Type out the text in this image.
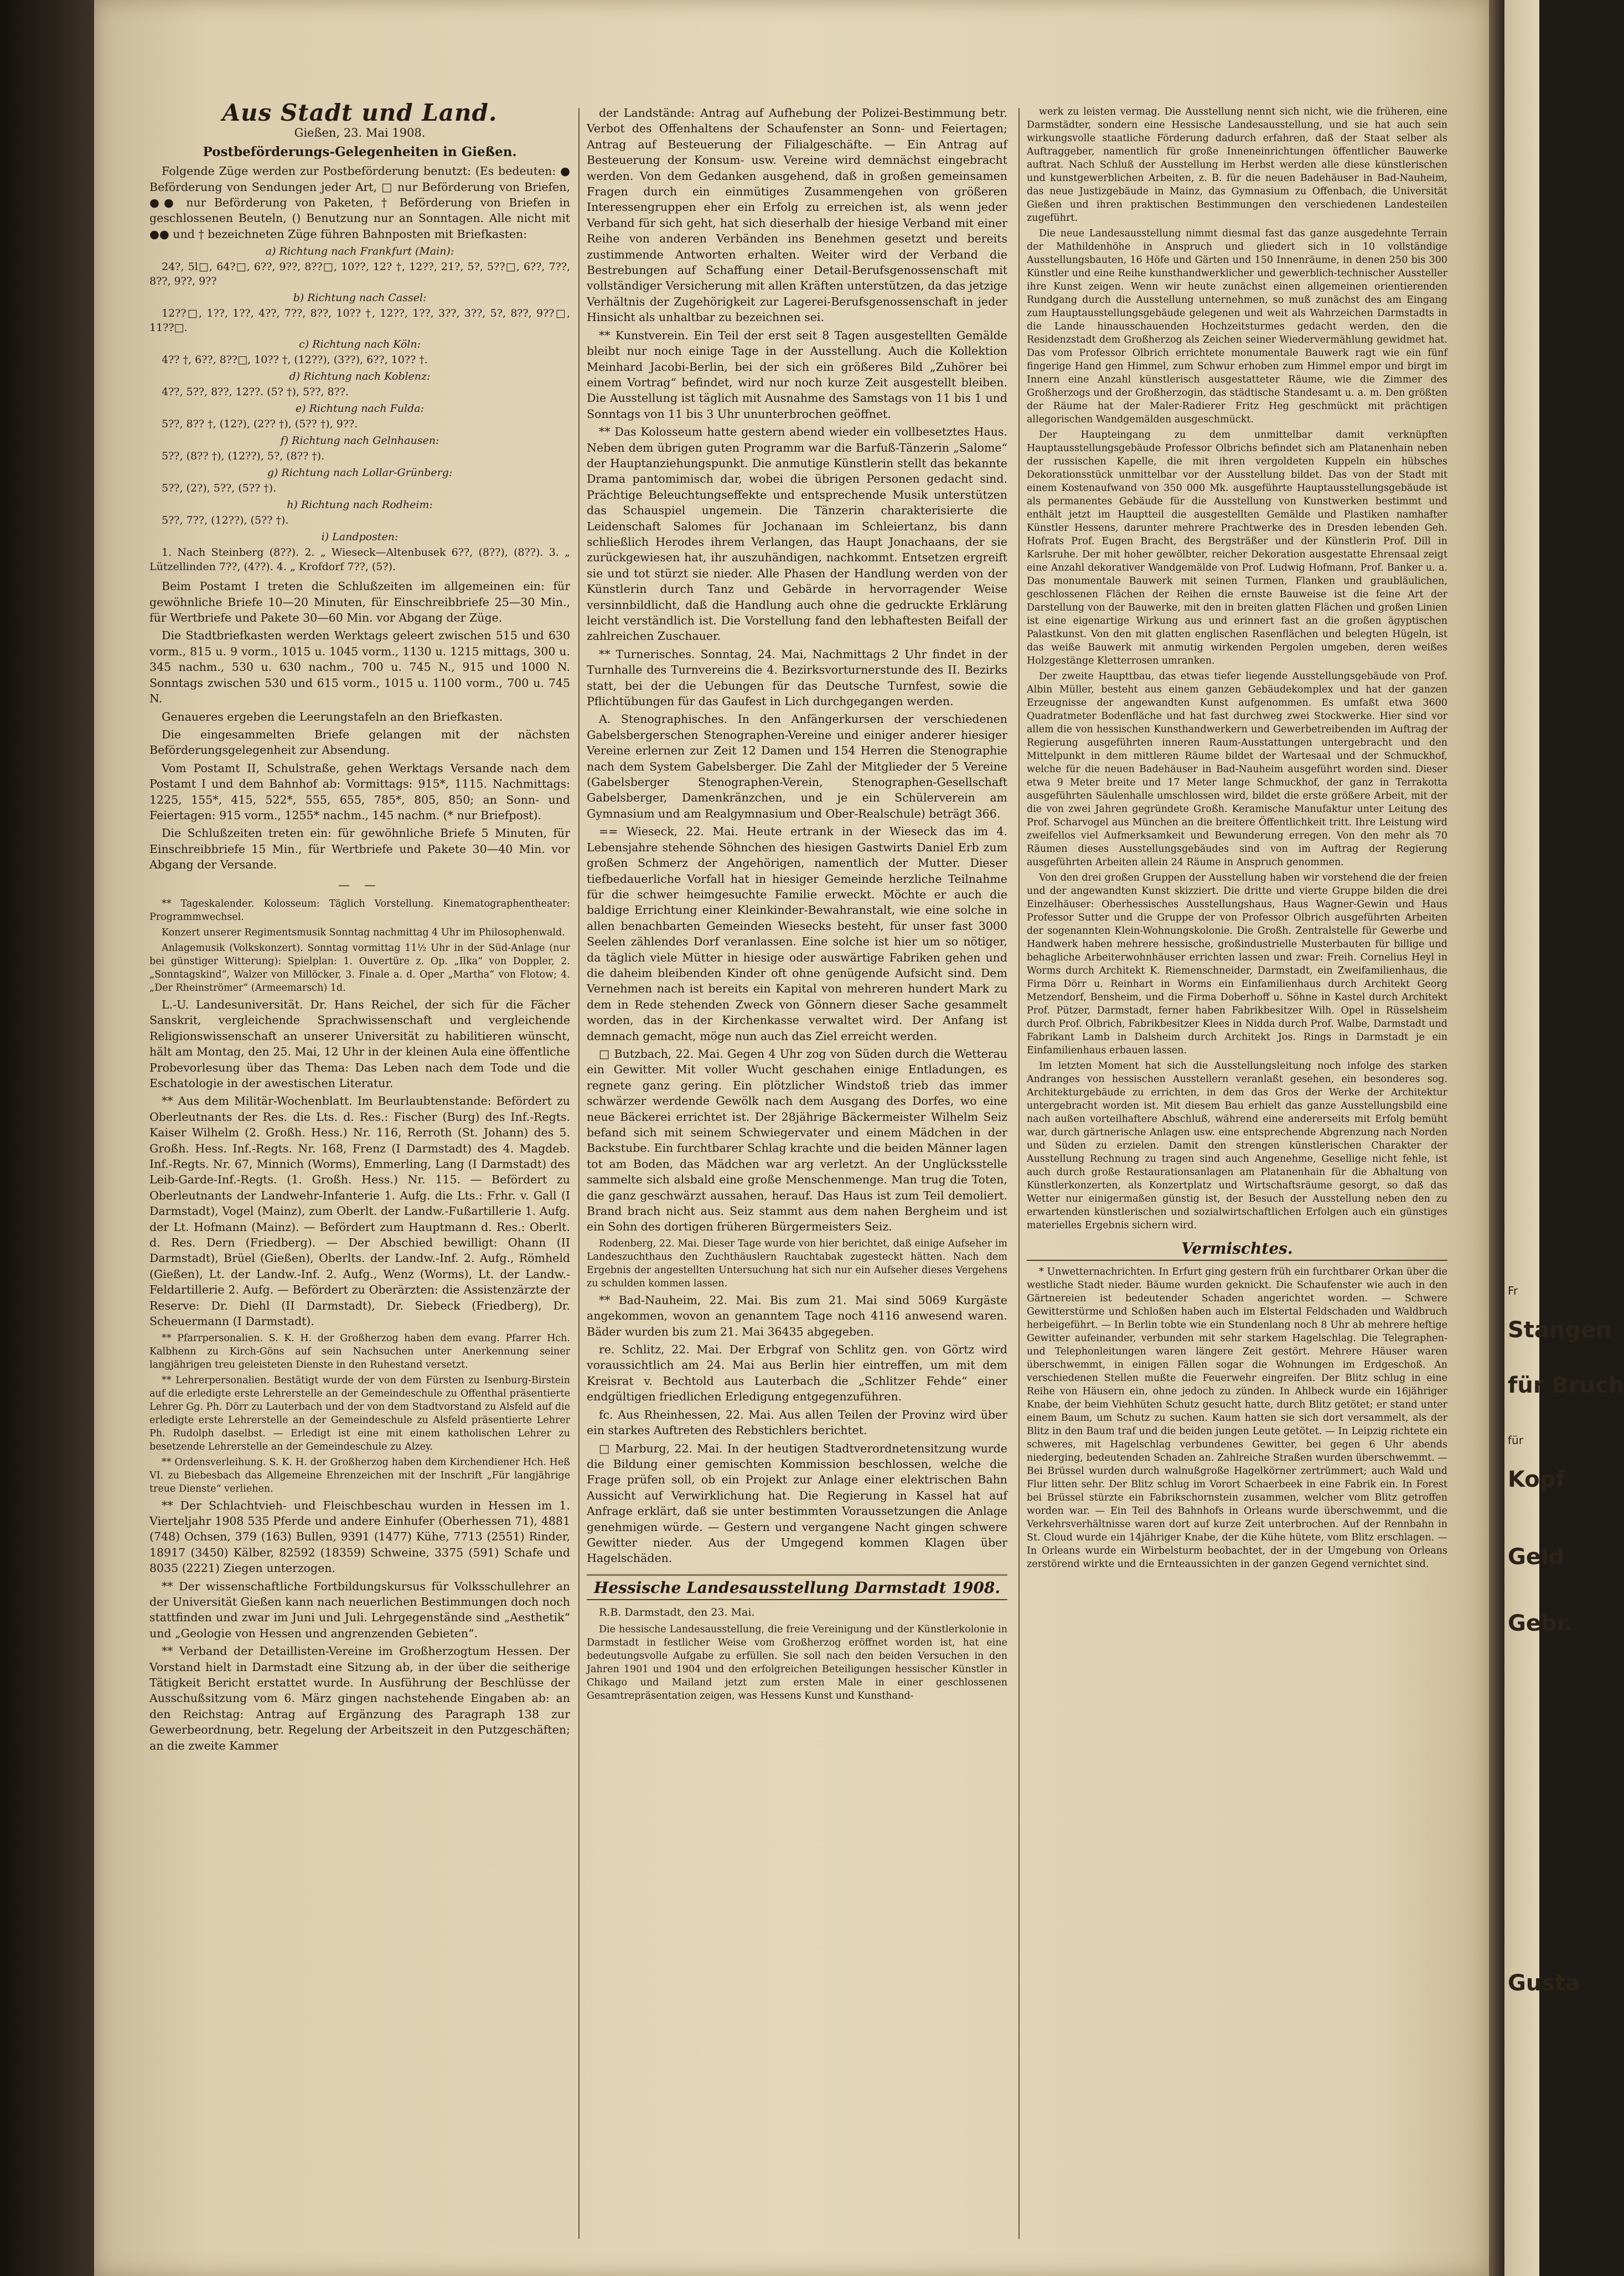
Aus Stadt und Land.
Gießen, 23. Mai 1908.
Postbeförderungs-Gelegenheiten in Gießen.

Folgende Züge werden zur Postbeförderung benutzt: (Es bedeuten: ● Beförderung von Sendungen jeder Art, □ nur Beförderung von Briefen, ●● nur Beförderung von Paketen, † Beförderung von Briefen in geschlossenen Beuteln, () Benutzung nur an Sonntagen. Alle nicht mit ●● und † bezeichneten Züge führen Bahnposten mit Briefkasten:

a) Richtung nach Frankfurt (Main):

24?, 5l□, 64?□, 6??, 9??, 8??□, 10??, 12? †, 12??, 21?, 5?, 5??□, 6??, 7??, 8??, 9??, 9??

b) Richtung nach Cassel:

12??□, 1??, 1??, 4??, 7??, 8??, 10?? †, 12??, 1??, 3??, 3??, 5?, 8??, 9??□, 11??□.

c) Richtung nach Köln:

4?? †, 6??, 8??□, 10?? †, (12??), (3??), 6??, 10?? †.

d) Richtung nach Koblenz:

4??, 5??, 8??, 12??. (5? †), 5??, 8??.

e) Richtung nach Fulda:

5??, 8?? †, (12?), (2?? †), (5?? †), 9??.

f) Richtung nach Gelnhausen:

5??, (8?? †), (12??), 5?, (8?? †).

g) Richtung nach Lollar-Grünberg:

5??, (2?), 5??, (5?? †).

h) Richtung nach Rodheim:

5??, 7??, (12??), (5?? †).

i) Landposten:

1. Nach Steinberg (8??). 2. „ Wieseck—Altenbusek 6??, (8??), (8??). 3. „ Lützellinden 7??, (4??). 4. „ Krofdorf 7??, (5?).

Beim Postamt I treten die Schlußzeiten im allgemeinen ein: für gewöhnliche Briefe 10—20 Minuten, für Einschreibbriefe 25—30 Min., für Wertbriefe und Pakete 30—60 Min. vor Abgang der Züge.

Die Stadtbriefkasten werden Werktags geleert zwischen 515 und 630 vorm., 815 u. 9 vorm., 1015 u. 1045 vorm., 1130 u. 1215 mittags, 300 u. 345 nachm., 530 u. 630 nachm., 700 u. 745 N., 915 und 1000 N. Sonntags zwischen 530 und 615 vorm., 1015 u. 1100 vorm., 700 u. 745 N.

Genaueres ergeben die Leerungstafeln an den Briefkasten.

Die eingesammelten Briefe gelangen mit der nächsten Beförderungsgelegenheit zur Absendung.

Vom Postamt II, Schulstraße, gehen Werktags Versande nach dem Postamt I und dem Bahnhof ab: Vormittags: 915*, 1115. Nachmittags: 1225, 155*, 415, 522*, 555, 655, 785*, 805, 850; an Sonn- und Feiertagen: 915 vorm., 1255* nachm., 145 nachm. (* nur Briefpost).

Die Schlußzeiten treten ein: für gewöhnliche Briefe 5 Minuten, für Einschreibbriefe 15 Min., für Wertbriefe und Pakete 30—40 Min. vor Abgang der Versande.

— —

** Tageskalender. Kolosseum: Täglich Vorstellung. Kinematographentheater: Programmwechsel.

Konzert unserer Regimentsmusik Sonntag nachmittag 4 Uhr im Philosophenwald.

Anlagemusik (Volkskonzert). Sonntag vormittag 11½ Uhr in der Süd-Anlage (nur bei günstiger Witterung): Spielplan: 1. Ouvertüre z. Op. „Ilka“ von Doppler, 2. „Sonntagskind“, Walzer von Millöcker, 3. Finale a. d. Oper „Martha“ von Flotow; 4. „Der Rheinströmer“ (Armeemarsch) 1d.

L.-U. Landesuniversität. Dr. Hans Reichel, der sich für die Fächer Sanskrit, vergleichende Sprachwissenschaft und vergleichende Religionswissenschaft an unserer Universität zu habilitieren wünscht, hält am Montag, den 25. Mai, 12 Uhr in der kleinen Aula eine öffentliche Probevorlesung über das Thema: Das Leben nach dem Tode und die Eschatologie in der awestischen Literatur.

** Aus dem Militär-Wochenblatt. Im Beurlaubtenstande: Befördert zu Oberleutnants der Res. die Lts. d. Res.: Fischer (Burg) des Inf.-Regts. Kaiser Wilhelm (2. Großh. Hess.) Nr. 116, Rerroth (St. Johann) des 5. Großh. Hess. Inf.-Regts. Nr. 168, Frenz (I Darmstadt) des 4. Magdeb. Inf.-Regts. Nr. 67, Minnich (Worms), Emmerling, Lang (I Darmstadt) des Leib-Garde-Inf.-Regts. (1. Großh. Hess.) Nr. 115. — Befördert zu Oberleutnants der Landwehr-Infanterie 1. Aufg. die Lts.: Frhr. v. Gall (I Darmstadt), Vogel (Mainz), zum Oberlt. der Landw.-Fußartillerie 1. Aufg. der Lt. Hofmann (Mainz). — Befördert zum Hauptmann d. Res.: Oberlt. d. Res. Dern (Friedberg). — Der Abschied bewilligt: Ohann (II Darmstadt), Brüel (Gießen), Oberlts. der Landw.-Inf. 2. Aufg., Römheld (Gießen), Lt. der Landw.-Inf. 2. Aufg., Wenz (Worms), Lt. der Landw.-Feldartillerie 2. Aufg. — Befördert zu Oberärzten: die Assistenzärzte der Reserve: Dr. Diehl (II Darmstadt), Dr. Siebeck (Friedberg), Dr. Scheuermann (I Darmstadt).

** Pfarrpersonalien. S. K. H. der Großherzog haben dem evang. Pfarrer Hch. Kalbhenn zu Kirch-Göns auf sein Nachsuchen unter Anerkennung seiner langjährigen treu geleisteten Dienste in den Ruhestand versetzt.

** Lehrerpersonalien. Bestätigt wurde der von dem Fürsten zu Isenburg-Birstein auf die erledigte erste Lehrerstelle an der Gemeindeschule zu Offenthal präsentierte Lehrer Gg. Ph. Dörr zu Lauterbach und der von dem Stadtvorstand zu Alsfeld auf die erledigte erste Lehrerstelle an der Gemeindeschule zu Alsfeld präsentierte Lehrer Ph. Rudolph daselbst. — Erledigt ist eine mit einem katholischen Lehrer zu besetzende Lehrerstelle an der Gemeindeschule zu Alzey.

** Ordensverleihung. S. K. H. der Großherzog haben dem Kirchendiener Hch. Heß VI. zu Biebesbach das Allgemeine Ehrenzeichen mit der Inschrift „Für langjährige treue Dienste“ verliehen.

** Der Schlachtvieh- und Fleischbeschau wurden in Hessen im 1. Vierteljahr 1908 535 Pferde und andere Einhufer (Oberhessen 71), 4881 (748) Ochsen, 379 (163) Bullen, 9391 (1477) Kühe, 7713 (2551) Rinder, 18917 (3450) Kälber, 82592 (18359) Schweine, 3375 (591) Schafe und 8035 (2221) Ziegen unterzogen.

** Der wissenschaftliche Fortbildungskursus für Volksschullehrer an der Universität Gießen kann nach neuerlichen Bestimmungen doch noch stattfinden und zwar im Juni und Juli. Lehrgegenstände sind „Aesthetik“ und „Geologie von Hessen und angrenzenden Gebieten“.

** Verband der Detaillisten-Vereine im Großherzogtum Hessen. Der Vorstand hielt in Darmstadt eine Sitzung ab, in der über die seitherige Tätigkeit Bericht erstattet wurde. In Ausführung der Beschlüsse der Ausschußsitzung vom 6. März gingen nachstehende Eingaben ab: an den Reichstag: Antrag auf Ergänzung des Paragraph 138 zur Gewerbeordnung, betr. Regelung der Arbeitszeit in den Putzgeschäften; an die zweite Kammer

der Landstände: Antrag auf Aufhebung der Polizei-Bestimmung betr. Verbot des Offenhaltens der Schaufenster an Sonn- und Feiertagen; Antrag auf Besteuerung der Filialgeschäfte. — Ein Antrag auf Besteuerung der Konsum- usw. Vereine wird demnächst eingebracht werden. Von dem Gedanken ausgehend, daß in großen gemeinsamen Fragen durch ein einmütiges Zusammengehen von größeren Interessengruppen eher ein Erfolg zu erreichen ist, als wenn jeder Verband für sich geht, hat sich dieserhalb der hiesige Verband mit einer Reihe von anderen Verbänden ins Benehmen gesetzt und bereits zustimmende Antworten erhalten. Weiter wird der Verband die Bestrebungen auf Schaffung einer Detail-Berufsgenossenschaft mit vollständiger Versicherung mit allen Kräften unterstützen, da das jetzige Verhältnis der Zugehörigkeit zur Lagerei-Berufsgenossenschaft in jeder Hinsicht als unhaltbar zu bezeichnen sei.

** Kunstverein. Ein Teil der erst seit 8 Tagen ausgestellten Gemälde bleibt nur noch einige Tage in der Ausstellung. Auch die Kollektion Meinhard Jacobi-Berlin, bei der sich ein größeres Bild „Zuhörer bei einem Vortrag“ befindet, wird nur noch kurze Zeit ausgestellt bleiben. Die Ausstellung ist täglich mit Ausnahme des Samstags von 11 bis 1 und Sonntags von 11 bis 3 Uhr ununterbrochen geöffnet.

** Das Kolosseum hatte gestern abend wieder ein vollbesetztes Haus. Neben dem übrigen guten Programm war die Barfuß-Tänzerin „Salome“ der Hauptanziehungspunkt. Die anmutige Künstlerin stellt das bekannte Drama pantomimisch dar, wobei die übrigen Personen gedacht sind. Prächtige Beleuchtungseffekte und entsprechende Musik unterstützen das Schauspiel ungemein. Die Tänzerin charakterisierte die Leidenschaft Salomes für Jochanaan im Schleiertanz, bis dann schließlich Herodes ihrem Verlangen, das Haupt Jonachaans, der sie zurückgewiesen hat, ihr auszuhändigen, nachkommt. Entsetzen ergreift sie und tot stürzt sie nieder. Alle Phasen der Handlung werden von der Künstlerin durch Tanz und Gebärde in hervorragender Weise versinnbildlicht, daß die Handlung auch ohne die gedruckte Erklärung leicht verständlich ist. Die Vorstellung fand den lebhaftesten Beifall der zahlreichen Zuschauer.

** Turnerisches. Sonntag, 24. Mai, Nachmittags 2 Uhr findet in der Turnhalle des Turnvereins die 4. Bezirksvorturnerstunde des II. Bezirks statt, bei der die Uebungen für das Deutsche Turnfest, sowie die Pflichtübungen für das Gaufest in Lich durchgegangen werden.

A. Stenographisches. In den Anfängerkursen der verschiedenen Gabelsbergerschen Stenographen-Vereine und einiger anderer hiesiger Vereine erlernen zur Zeit 12 Damen und 154 Herren die Stenographie nach dem System Gabelsberger. Die Zahl der Mitglieder der 5 Vereine (Gabelsberger Stenographen-Verein, Stenographen-Gesellschaft Gabelsberger, Damenkränzchen, und je ein Schülerverein am Gymnasium und am Realgymnasium und Ober-Realschule) beträgt 366.

== Wieseck, 22. Mai. Heute ertrank in der Wieseck das im 4. Lebensjahre stehende Söhnchen des hiesigen Gastwirts Daniel Erb zum großen Schmerz der Angehörigen, namentlich der Mutter. Dieser tiefbedauerliche Vorfall hat in hiesiger Gemeinde herzliche Teilnahme für die schwer heimgesuchte Familie erweckt. Möchte er auch die baldige Errichtung einer Kleinkinder-Bewahranstalt, wie eine solche in allen benachbarten Gemeinden Wiesecks besteht, für unser fast 3000 Seelen zählendes Dorf veranlassen. Eine solche ist hier um so nötiger, da täglich viele Mütter in hiesige oder auswärtige Fabriken gehen und die daheim bleibenden Kinder oft ohne genügende Aufsicht sind. Dem Vernehmen nach ist bereits ein Kapital von mehreren hundert Mark zu dem in Rede stehenden Zweck von Gönnern dieser Sache gesammelt worden, das in der Kirchenkasse verwaltet wird. Der Anfang ist demnach gemacht, möge nun auch das Ziel erreicht werden.

□ Butzbach, 22. Mai. Gegen 4 Uhr zog von Süden durch die Wetterau ein Gewitter. Mit voller Wucht geschahen einige Entladungen, es regnete ganz gering. Ein plötzlicher Windstoß trieb das immer schwärzer werdende Gewölk nach dem Ausgang des Dorfes, wo eine neue Bäckerei errichtet ist. Der 28jährige Bäckermeister Wilhelm Seiz befand sich mit seinem Schwiegervater und einem Mädchen in der Backstube. Ein furchtbarer Schlag krachte und die beiden Männer lagen tot am Boden, das Mädchen war arg verletzt. An der Unglücksstelle sammelte sich alsbald eine große Menschenmenge. Man trug die Toten, die ganz geschwärzt aussahen, herauf. Das Haus ist zum Teil demoliert. Brand brach nicht aus. Seiz stammt aus dem nahen Bergheim und ist ein Sohn des dortigen früheren Bürgermeisters Seiz.

Rodenberg, 22. Mai. Dieser Tage wurde von hier berichtet, daß einige Aufseher im Landeszuchthaus den Zuchthäuslern Rauchtabak zugesteckt hätten. Nach dem Ergebnis der angestellten Untersuchung hat sich nur ein Aufseher dieses Vergehens zu schulden kommen lassen.

** Bad-Nauheim, 22. Mai. Bis zum 21. Mai sind 5069 Kurgäste angekommen, wovon an genanntem Tage noch 4116 anwesend waren. Bäder wurden bis zum 21. Mai 36435 abgegeben.

re. Schlitz, 22. Mai. Der Erbgraf von Schlitz gen. von Görtz wird voraussichtlich am 24. Mai aus Berlin hier eintreffen, um mit dem Kreisrat v. Bechtold aus Lauterbach die „Schlitzer Fehde“ einer endgültigen friedlichen Erledigung entgegenzuführen.

fc. Aus Rheinhessen, 22. Mai. Aus allen Teilen der Provinz wird über ein starkes Auftreten des Rebstichlers berichtet.

□ Marburg, 22. Mai. In der heutigen Stadtverordnetensitzung wurde die Bildung einer gemischten Kommission beschlossen, welche die Frage prüfen soll, ob ein Projekt zur Anlage einer elektrischen Bahn Aussicht auf Verwirklichung hat. Die Regierung in Kassel hat auf Anfrage erklärt, daß sie unter bestimmten Voraussetzungen die Anlage genehmigen würde. — Gestern und vergangene Nacht gingen schwere Gewitter nieder. Aus der Umgegend kommen Klagen über Hagelschäden.

Hessische Landesausstellung Darmstadt 1908.
R.B. Darmstadt, den 23. Mai.

Die hessische Landesausstellung, die freie Vereinigung und der Künstlerkolonie in Darmstadt in festlicher Weise vom Großherzog eröffnet worden ist, hat eine bedeutungsvolle Aufgabe zu erfüllen. Sie soll nach den beiden Versuchen in den Jahren 1901 und 1904 und den erfolgreichen Beteiligungen hessischer Künstler in Chikago und Mailand jetzt zum ersten Male in einer geschlossenen Gesamtrepräsentation zeigen, was Hessens Kunst und Kunsthand-

werk zu leisten vermag. Die Ausstellung nennt sich nicht, wie die früheren, eine Darmstädter, sondern eine Hessische Landesausstellung, und sie hat auch sein wirkungsvolle staatliche Förderung dadurch erfahren, daß der Staat selber als Auftraggeber, namentlich für große Inneneinrichtungen öffentlicher Bauwerke auftrat. Nach Schluß der Ausstellung im Herbst werden alle diese künstlerischen und kunstgewerblichen Arbeiten, z. B. für die neuen Badehäuser in Bad-Nauheim, das neue Justizgebäude in Mainz, das Gymnasium zu Offenbach, die Universität Gießen und ihren praktischen Bestimmungen den verschiedenen Landesteilen zugeführt.

Die neue Landesausstellung nimmt diesmal fast das ganze ausgedehnte Terrain der Mathildenhöhe in Anspruch und gliedert sich in 10 vollständige Ausstellungsbauten, 16 Höfe und Gärten und 150 Innenräume, in denen 250 bis 300 Künstler und eine Reihe kunsthandwerklicher und gewerblich-technischer Aussteller ihre Kunst zeigen. Wenn wir heute zunächst einen allgemeinen orientierenden Rundgang durch die Ausstellung unternehmen, so muß zunächst des am Eingang zum Hauptausstellungsgebäude gelegenen und weit als Wahrzeichen Darmstadts in die Lande hinausschauenden Hochzeitsturmes gedacht werden, den die Residenzstadt dem Großherzog als Zeichen seiner Wiedervermählung gewidmet hat. Das vom Professor Olbrich errichtete monumentale Bauwerk ragt wie ein fünf fingerige Hand gen Himmel, zum Schwur erhoben zum Himmel empor und birgt im Innern eine Anzahl künstlerisch ausgestatteter Räume, wie die Zimmer des Großherzogs und der Großherzogin, das städtische Standesamt u. a. m. Den größten der Räume hat der Maler-Radierer Fritz Heg geschmückt mit prächtigen allegorischen Wandgemälden ausgeschmückt.

Der Haupteingang zu dem unmittelbar damit verknüpften Hauptausstellungsgebäude Professor Olbrichs befindet sich am Platanenhain neben der russischen Kapelle, die mit ihren vergoldeten Kuppeln ein hübsches Dekorationsstück unmittelbar vor der Ausstellung bildet. Das von der Stadt mit einem Kostenaufwand von 350 000 Mk. ausgeführte Hauptausstellungsgebäude ist als permanentes Gebäude für die Ausstellung von Kunstwerken bestimmt und enthält jetzt im Hauptteil die ausgestellten Gemälde und Plastiken namhafter Künstler Hessens, darunter mehrere Prachtwerke des in Dresden lebenden Geh. Hofrats Prof. Eugen Bracht, des Bergsträßer und der Künstlerin Prof. Dill in Karlsruhe. Der mit hoher gewölbter, reicher Dekoration ausgestatte Ehrensaal zeigt eine Anzahl dekorativer Wandgemälde von Prof. Ludwig Hofmann, Prof. Banker u. a. Das monumentale Bauwerk mit seinen Turmen, Flanken und graubläulichen, geschlossenen Flächen der Reihen die ernste Bauweise ist die feine Art der Darstellung von der Bauwerke, mit den in breiten glatten Flächen und großen Linien ist eine eigenartige Wirkung aus und erinnert fast an die großen ägyptischen Palastkunst. Von den mit glatten englischen Rasenflächen und belegten Hügeln, ist das weiße Bauwerk mit anmutig wirkenden Pergolen umgeben, deren weißes Holzgestänge Kletterrosen umranken.

Der zweite Haupttbau, das etwas tiefer liegende Ausstellungsgebäude von Prof. Albin Müller, besteht aus einem ganzen Gebäudekomplex und hat der ganzen Erzeugnisse der angewandten Kunst aufgenommen. Es umfaßt etwa 3600 Quadratmeter Bodenfläche und hat fast durchweg zwei Stockwerke. Hier sind vor allem die von hessischen Kunsthandwerkern und Gewerbetreibenden im Auftrag der Regierung ausgeführten inneren Raum-Ausstattungen untergebracht und den Mittelpunkt in dem mittleren Räume bildet der Wartesaal und der Schmuckhof, welche für die neuen Badehäuser in Bad-Nauheim ausgeführt worden sind. Dieser etwa 9 Meter breite und 17 Meter lange Schmuckhof, der ganz in Terrakotta ausgeführten Säulenhalle umschlossen wird, bildet die erste größere Arbeit, mit der die von zwei Jahren gegründete Großh. Keramische Manufaktur unter Leitung des Prof. Scharvogel aus München an die breitere Öffentlichkeit tritt. Ihre Leistung wird zweifellos viel Aufmerksamkeit und Bewunderung erregen. Von den mehr als 70 Räumen dieses Ausstellungsgebäudes sind von im Auftrag der Regierung ausgeführten Arbeiten allein 24 Räume in Anspruch genommen.

Von den drei großen Gruppen der Ausstellung haben wir vorstehend die der freien und der angewandten Kunst skizziert. Die dritte und vierte Gruppe bilden die drei Einzelhäuser: Oberhessisches Ausstellungshaus, Haus Wagner-Gewin und Haus Professor Sutter und die Gruppe der von Professor Olbrich ausgeführten Arbeiten der sogenannten Klein-Wohnungskolonie. Die Großh. Zentralstelle für Gewerbe und Handwerk haben mehrere hessische, großindustrielle Musterbauten für billige und behagliche Arbeiterwohnhäuser errichten lassen und zwar: Freih. Cornelius Heyl in Worms durch Architekt K. Riemenschneider, Darmstadt, ein Zweifamilienhaus, die Firma Dörr u. Reinhart in Worms ein Einfamilienhaus durch Architekt Georg Metzendorf, Bensheim, und die Firma Doberhoff u. Söhne in Kastel durch Architekt Prof. Pützer, Darmstadt, ferner haben Fabrikbesitzer Wilh. Opel in Rüsselsheim durch Prof. Olbrich, Fabrikbesitzer Klees in Nidda durch Prof. Walbe, Darmstadt und Fabrikant Lamb in Dalsheim durch Architekt Jos. Rings in Darmstadt je ein Einfamilienhaus erbauen lassen.

Im letzten Moment hat sich die Ausstellungsleitung noch infolge des starken Andranges von hessischen Ausstellern veranlaßt gesehen, ein besonderes sog. Architekturgebäude zu errichten, in dem das Gros der Werke der Architektur untergebracht worden ist. Mit diesem Bau erhielt das ganze Ausstellungsbild eine nach außen vorteilhaftere Abschluß, während eine andererseits mit Erfolg bemüht war, durch gärtnerische Anlagen usw. eine entsprechende Abgrenzung nach Norden und Süden zu erzielen. Damit den strengen künstlerischen Charakter der Ausstellung Rechnung zu tragen sind auch Angenehme, Gesellige nicht fehle, ist auch durch große Restaurationsanlagen am Platanenhain für die Abhaltung von Künstlerkonzerten, als Konzertplatz und Wirtschaftsräume gesorgt, so daß das Wetter nur einigermaßen günstig ist, der Besuch der Ausstellung neben den zu erwartenden künstlerischen und sozialwirtschaftlichen Erfolgen auch ein günstiges materielles Ergebnis sichern wird.

Vermischtes.

* Unwetternachrichten. In Erfurt ging gestern früh ein furchtbarer Orkan über die westliche Stadt nieder. Bäume wurden geknickt. Die Schaufenster wie auch in den Gärtnereien ist bedeutender Schaden angerichtet worden. — Schwere Gewitterstürme und Schloßen haben auch im Elstertal Feldschaden und Waldbruch herbeigeführt. — In Berlin tobte wie ein Stundenlang noch 8 Uhr ab mehrere heftige Gewitter aufeinander, verbunden mit sehr starkem Hagelschlag. Die Telegraphen- und Telephonleitungen waren längere Zeit gestört. Mehrere Häuser waren überschwemmt, in einigen Fällen sogar die Wohnungen im Erdgeschoß. An verschiedenen Stellen mußte die Feuerwehr eingreifen. Der Blitz schlug in eine Reihe von Häusern ein, ohne jedoch zu zünden. In Ahlbeck wurde ein 16jähriger Knabe, der beim Viehhüten Schutz gesucht hatte, durch Blitz getötet; er stand unter einem Baum, um Schutz zu suchen. Kaum hatten sie sich dort versammelt, als der Blitz in den Baum traf und die beiden jungen Leute getötet. — In Leipzig richtete ein schweres, mit Hagelschlag verbundenes Gewitter, bei gegen 6 Uhr abends niederging, bedeutenden Schaden an. Zahlreiche Straßen wurden überschwemmt. — Bei Brüssel wurden durch walnußgroße Hagelkörner zertrümmert; auch Wald und Flur litten sehr. Der Blitz schlug im Vorort Schaerbeek in eine Fabrik ein. In Forest bei Brüssel stürzte ein Fabrikschornstein zusammen, welcher vom Blitz getroffen worden war. — Ein Teil des Bahnhofs in Orleans wurde überschwemmt, und die Verkehrsverhältnisse waren dort auf kurze Zeit unterbrochen. Auf der Rennbahn in St. Cloud wurde ein 14jähriger Knabe, der die Kühe hütete, vom Blitz erschlagen. — In Orleans wurde ein Wirbelsturm beobachtet, der in der Umgebung von Orleans zerstörend wirkte und die Ernteaussichten in der ganzen Gegend vernichtet sind.

Fr
Stangen
für Bruch
für
Kopf
Geld
Gebr.
Gusta
